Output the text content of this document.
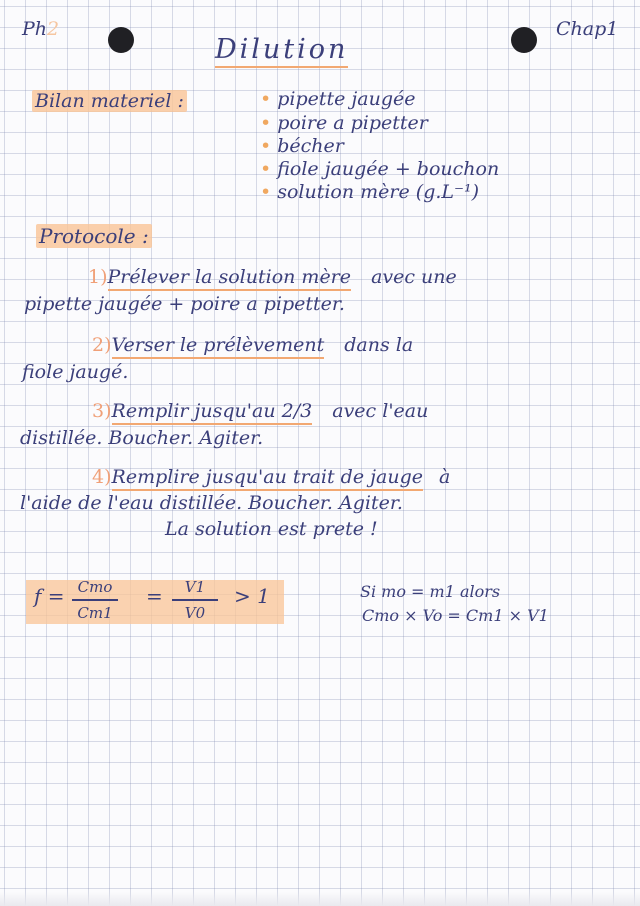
Ph2	Chap1
Dilution
Bilan materiel :	• pipette jaugée
• poire a pipetter
• bécher
• fiole jaugée + bouchon
• solution mère (g.L⁻¹)
Protocole :
1)Prélever la solution mère avec une
pipette jaugée + poire a pipetter.
2)Verser le prélèvement dans la
fiole jaugé.
3)Remplir jusqu'au 2/3 avec l'eau
distillée. Boucher. Agiter.
4)Remplire jusqu'au trait de jauge à
l'aide de l'eau distillée. Boucher. Agiter.
La solution est prete !
f = Cmo
Cm1
= V1
V0
> 1	Si mo = m1 alors
Cmo × Vo = Cm1 × V1
